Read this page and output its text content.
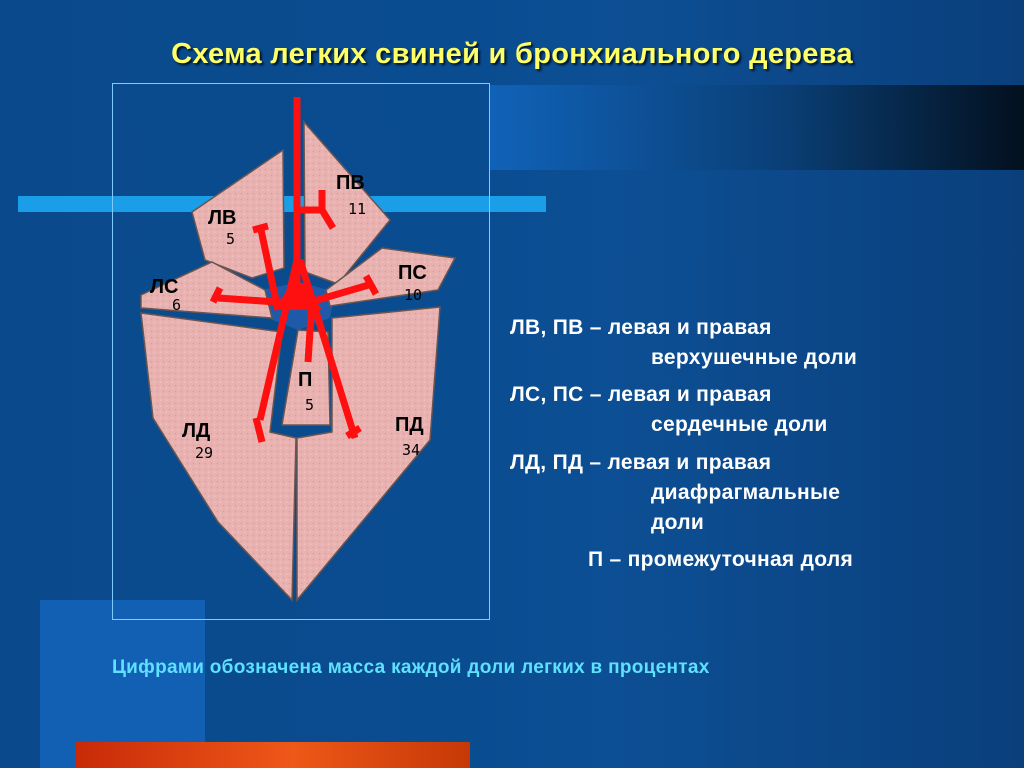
Схема легких свиней и бронхиального дерева
ПВ
11
ЛВ
5
ЛС
6
ПС
10
П
5
ЛД
29
ПД
34
ЛВ, ПВ – левая и правая
верхушечные доли
ЛС, ПС – левая и правая
сердечные доли
ЛД, ПД – левая и правая
диафрагмальные
доли
П – промежуточная доля
Цифрами обозначена масса каждой доли легких в процентах
